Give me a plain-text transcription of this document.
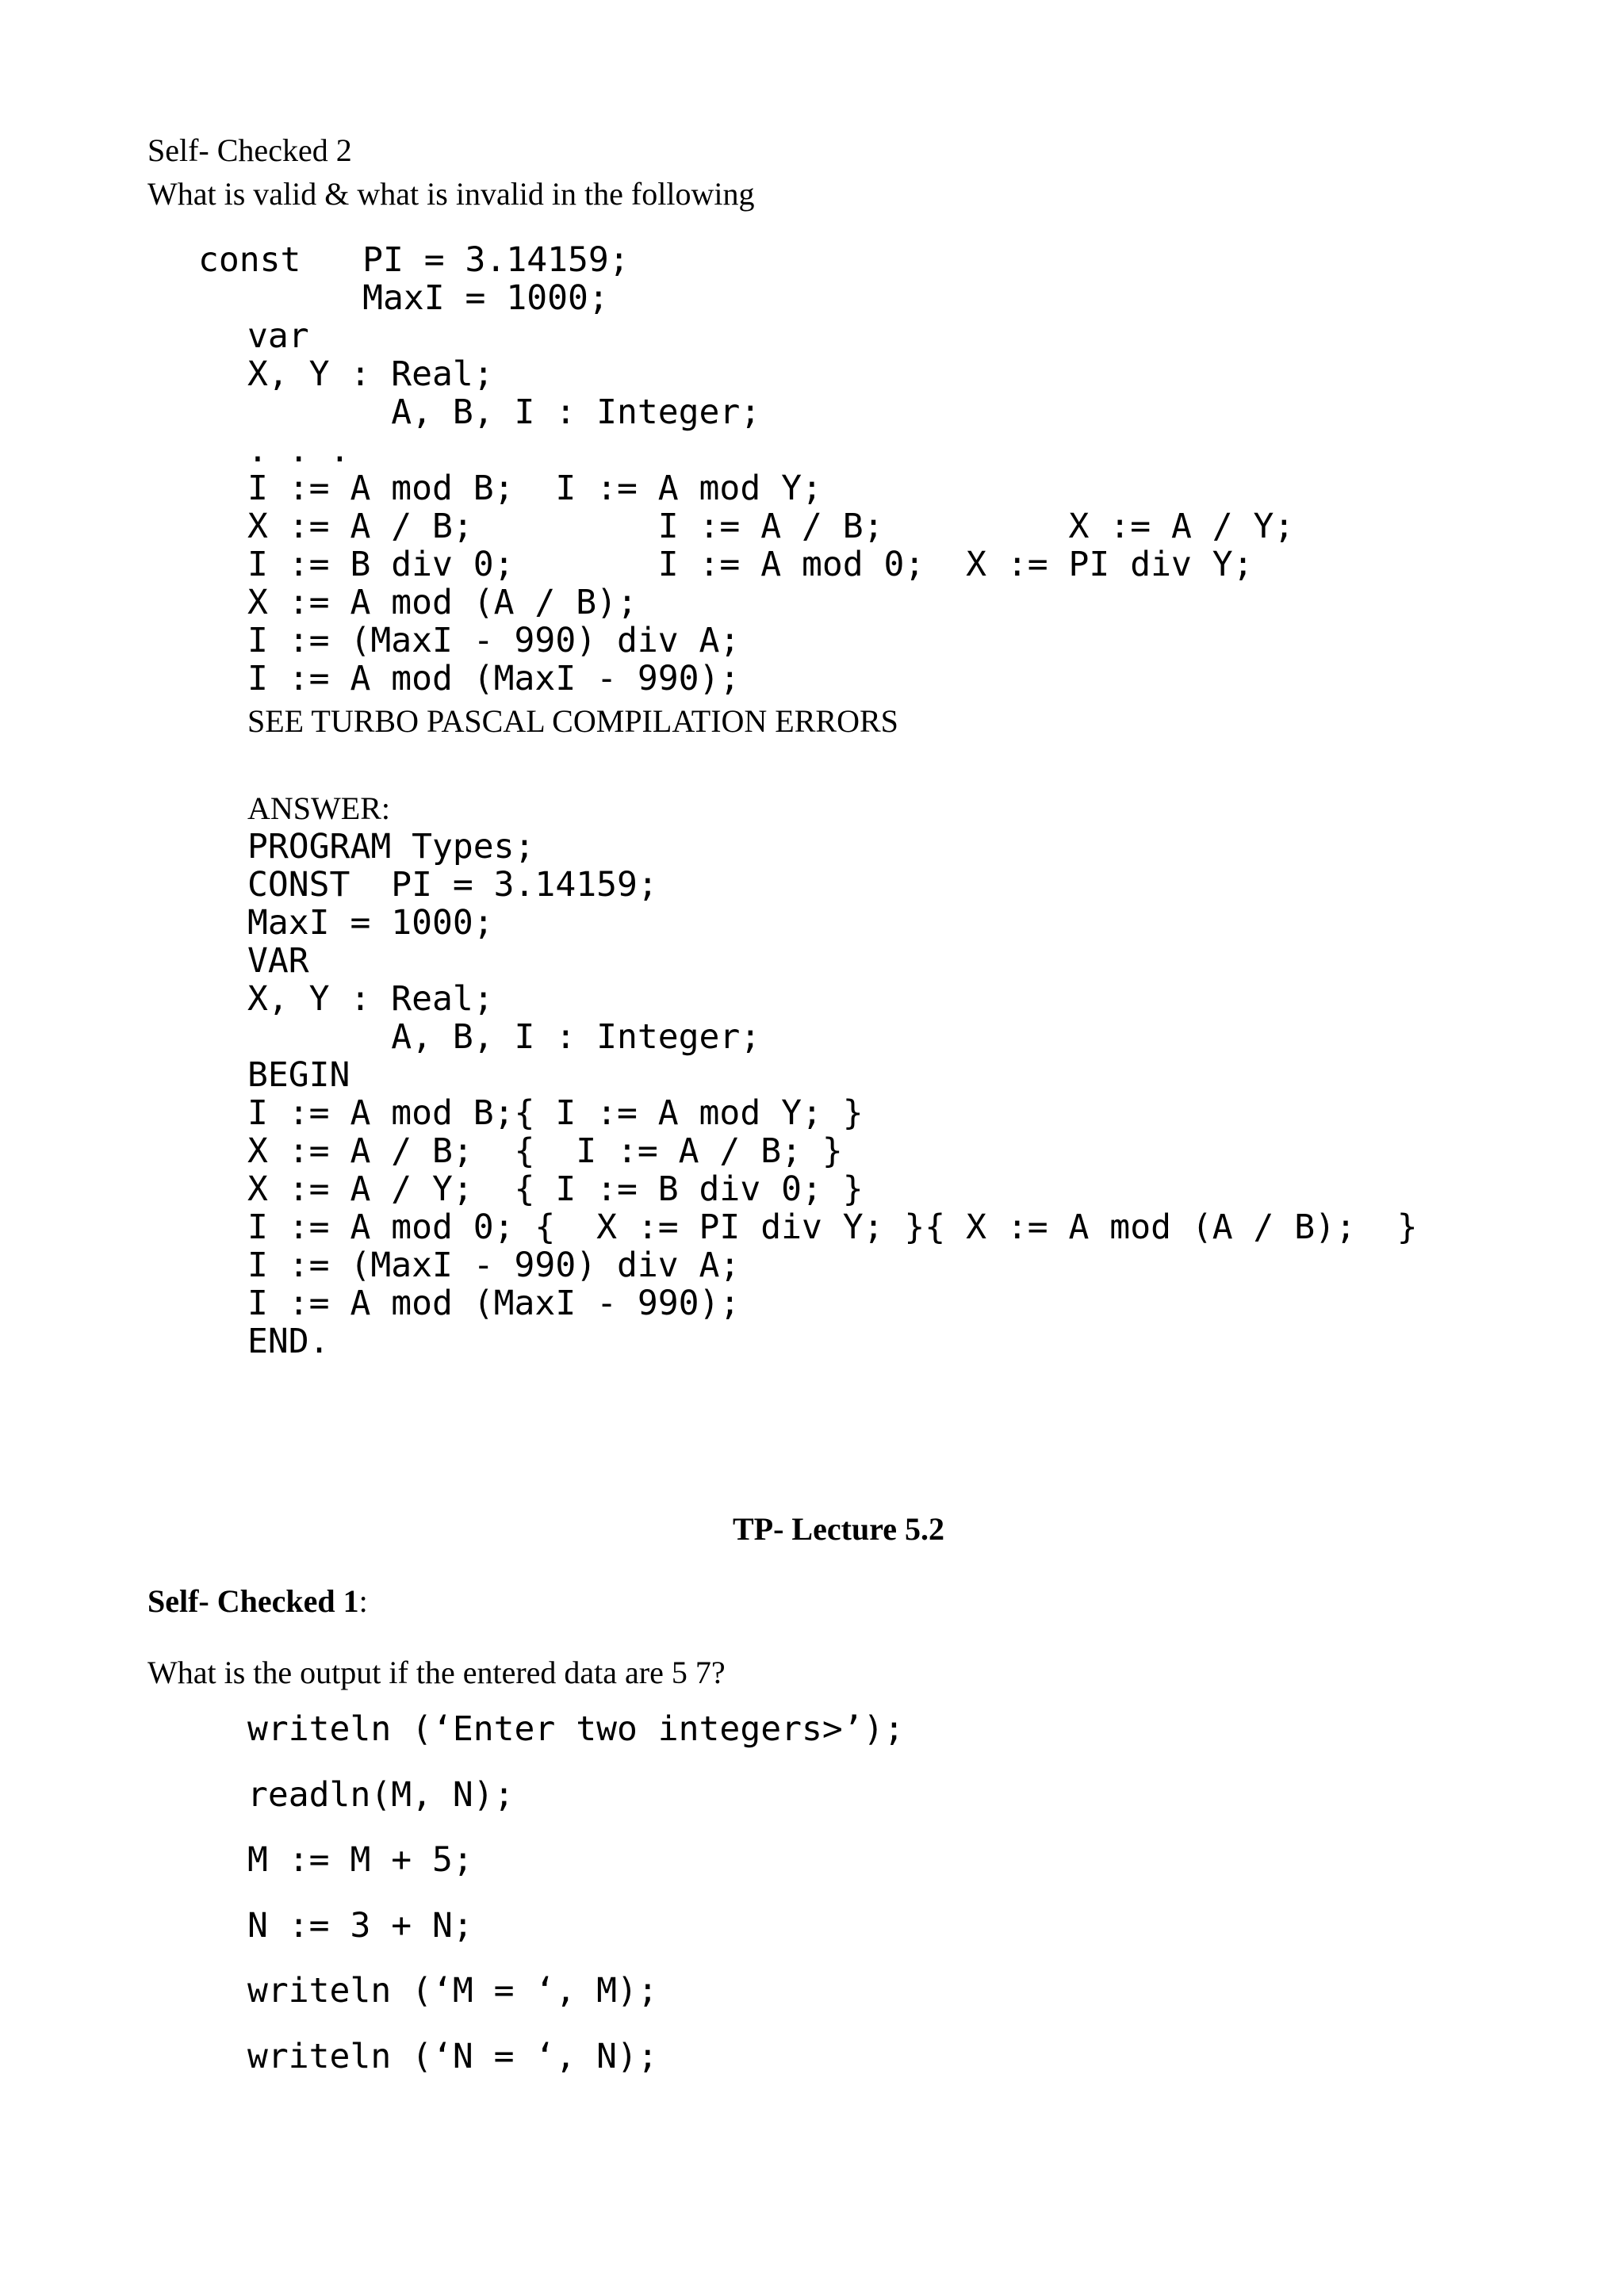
Self- Checked 2
What is valid & what is invalid in the following
const   PI = 3.14159;
MaxI = 1000;
var
X, Y : Real;
A, B, I : Integer;
. . .
I := A mod B;  I := A mod Y;
X := A / B;         I := A / B;         X := A / Y;
I := B div 0;       I := A mod 0;  X := PI div Y;
X := A mod (A / B);
I := (MaxI - 990) div A;
I := A mod (MaxI - 990);
SEE TURBO PASCAL COMPILATION ERRORS
ANSWER:
PROGRAM Types;
CONST  PI = 3.14159;
MaxI = 1000;
VAR
X, Y : Real;
A, B, I : Integer;
BEGIN
I := A mod B;{ I := A mod Y; }
X := A / B;  {  I := A / B; }
X := A / Y;  { I := B div 0; }
I := A mod 0; {  X := PI div Y; }{ X := A mod (A / B);  }
I := (MaxI - 990) div A;
I := A mod (MaxI - 990);
END.
TP- Lecture 5.2
Self- Checked 1:
What is the output if the entered data are 5 7?
writeln (‘Enter two integers>’);
readln(M, N);
M := M + 5;
N := 3 + N;
writeln (‘M = ‘, M);
writeln (‘N = ‘, N);
